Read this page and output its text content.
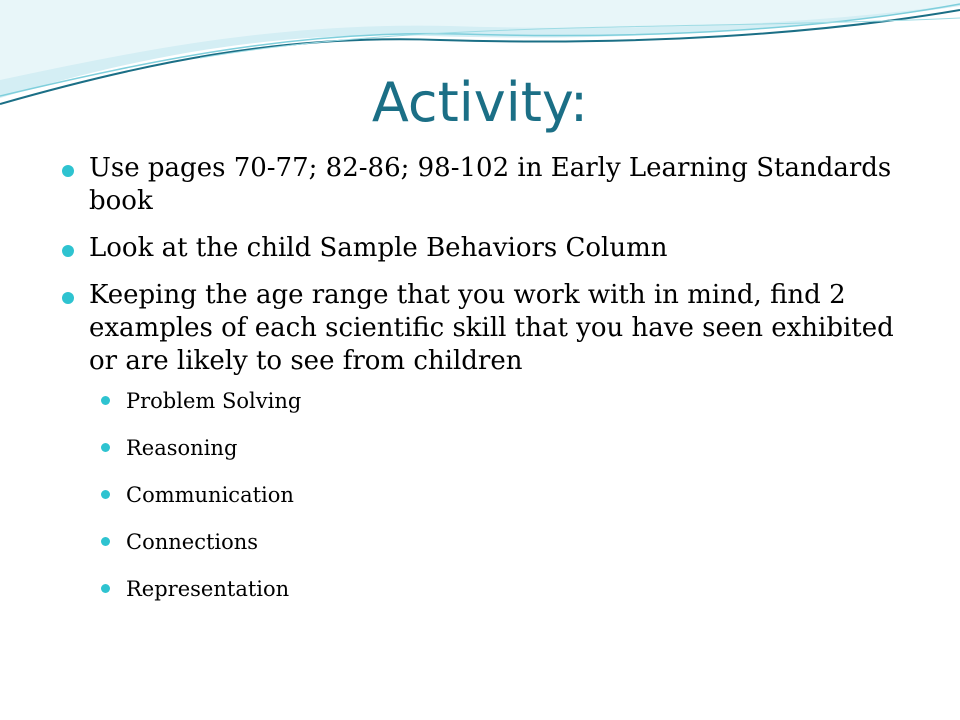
Activity:
Use pages 70-77; 82-86; 98-102 in Early Learning Standards book
Look at the child Sample Behaviors Column
Keeping the age range that you work with in mind, find 2 examples of each scientific skill that you have seen exhibited or are likely to see from children
Problem Solving
Reasoning
Communication
Connections
Representation
